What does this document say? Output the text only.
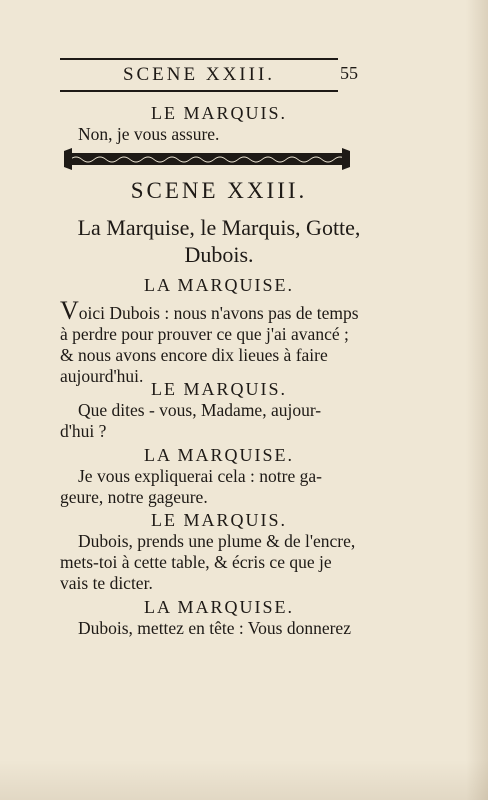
SCENE XXIII.	55
LE MARQUIS.
Non, je vous assure.
SCENE XXIII.
La Marquise, le Marquis, Gotte,
Dubois.
LA MARQUISE.
Voici Dubois : nous n'avons pas de temps
à perdre pour prouver ce que j'ai avancé ;
& nous avons encore dix lieues à faire
aujourd'hui.
LE MARQUIS.
Que dites - vous, Madame, aujour-
d'hui ?
LA MARQUISE.
Je vous expliquerai cela : notre ga-
geure, notre gageure.
LE MARQUIS.
Dubois, prends une plume & de l'encre,
mets-toi à cette table, & écris ce que je
vais te dicter.
LA MARQUISE.
Dubois, mettez en tête : Vous donnerez
